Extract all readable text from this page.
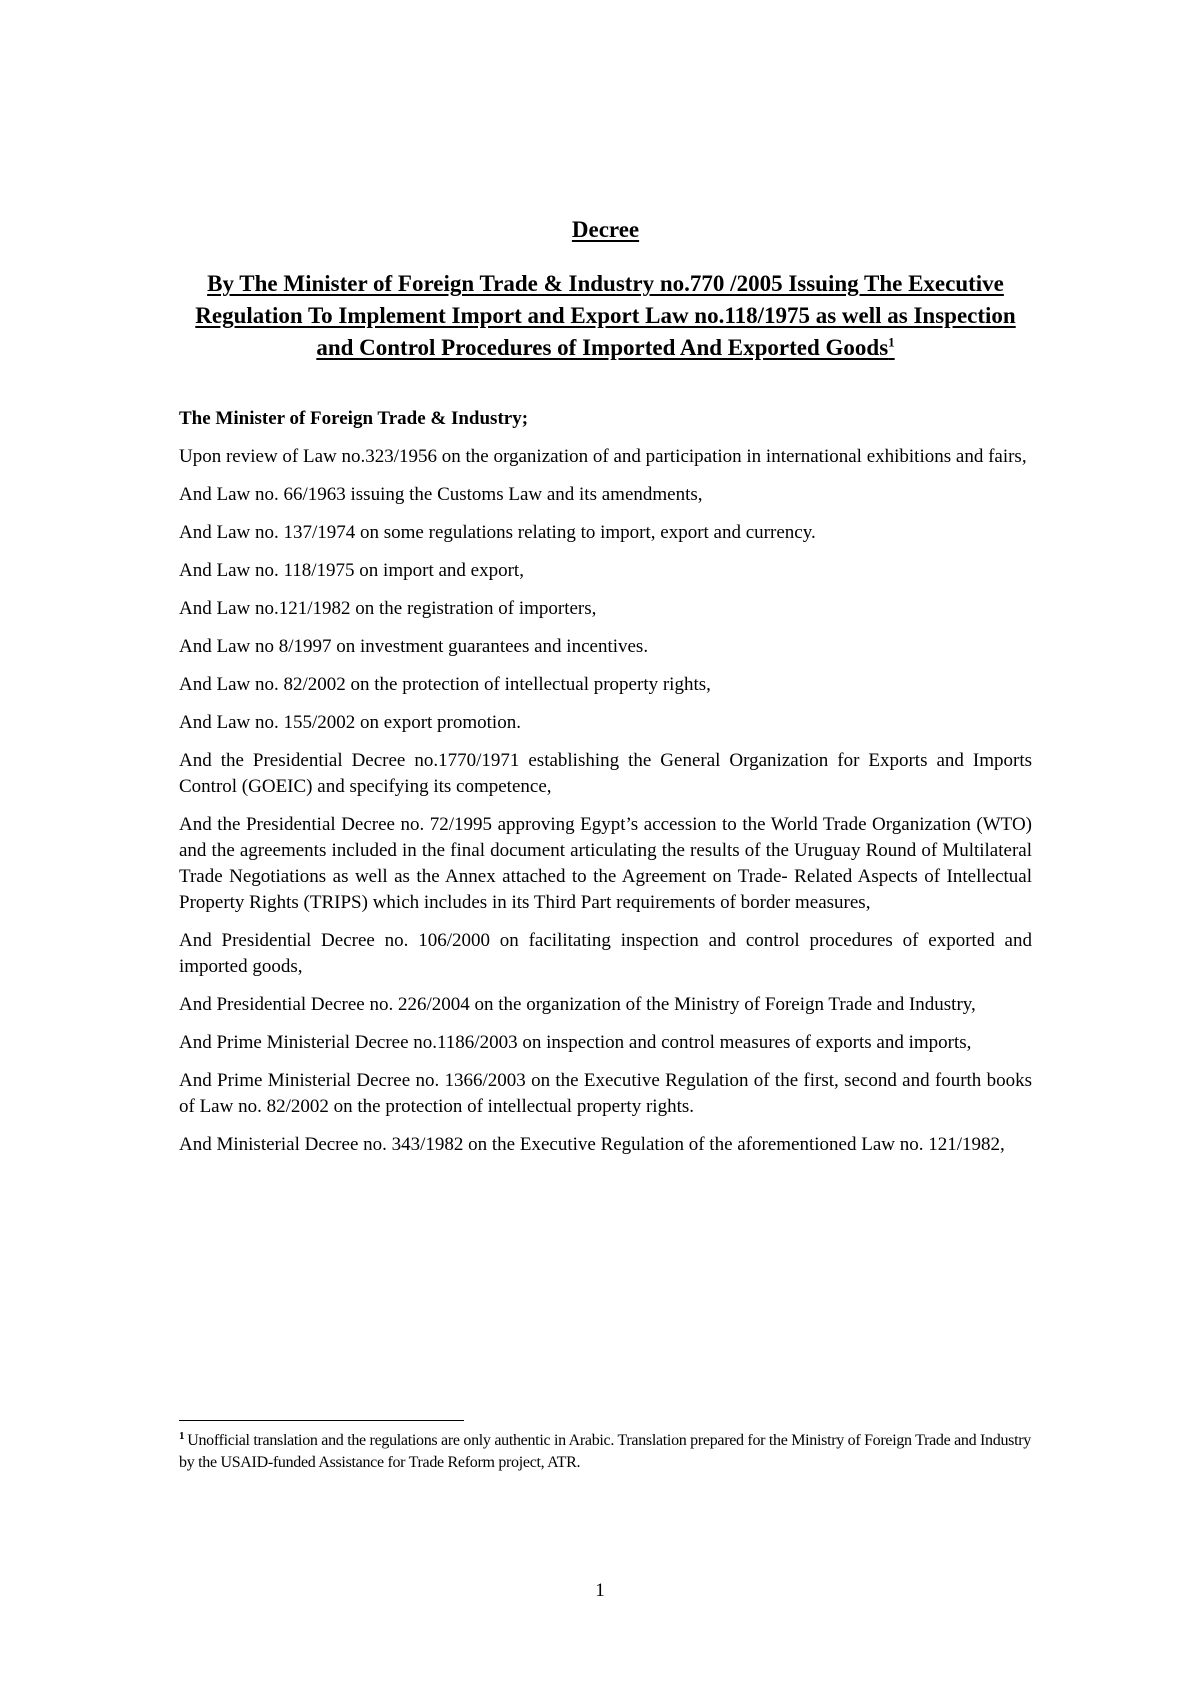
Decree
By The Minister of Foreign Trade & Industry no.770 /2005 Issuing The Executive Regulation To Implement Import and Export Law no.118/1975 as well as Inspection and Control Procedures of Imported And Exported Goods$^1$

The Minister of Foreign Trade & Industry;

Upon review of Law no.323/1956 on the organization of and participation in international exhibitions and fairs,

And Law no. 66/1963 issuing the Customs Law and its amendments,

And Law no. 137/1974 on some regulations relating to import, export and currency.

And Law no. 118/1975 on import and export,

And Law no.121/1982 on the registration of importers,

And Law no 8/1997 on investment guarantees and incentives.

And Law no. 82/2002 on the protection of intellectual property rights,

And Law no. 155/2002 on export promotion.

And the Presidential Decree no.1770/1971 establishing the General Organization for Exports and Imports Control (GOEIC) and specifying its competence,

And the Presidential Decree no. 72/1995 approving Egypt’s accession to the World Trade Organization (WTO) and the agreements included in the final document articulating the results of the Uruguay Round of Multilateral Trade Negotiations as well as the Annex attached to the Agreement on Trade- Related Aspects of Intellectual Property Rights (TRIPS) which includes in its Third Part requirements of border measures,

And Presidential Decree no. 106/2000 on facilitating inspection and control procedures of exported and imported goods,

And Presidential Decree no. 226/2004 on the organization of the Ministry of Foreign Trade and Industry,

And Prime Ministerial Decree no.1186/2003 on inspection and control measures of exports and imports,

And Prime Ministerial Decree no. 1366/2003 on the Executive Regulation of the first, second and fourth books of Law no. 82/2002 on the protection of intellectual property rights.

And Ministerial Decree no. 343/1982 on the Executive Regulation of the aforementioned Law no. 121/1982,

$^1$ Unofficial translation and the regulations are only authentic in Arabic. Translation prepared for the Ministry of Foreign Trade and Industry by the USAID-funded Assistance for Trade Reform project, ATR.
1
